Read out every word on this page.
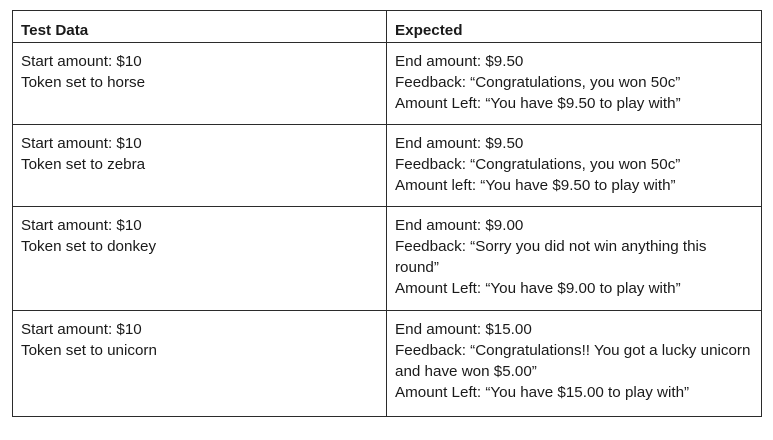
Test Data	Expected

Start amount: $10
Token set to horse	End amount: $9.50
Feedback: “Congratulations, you won 50c”
Amount Left: “You have $9.50 to play with”

Start amount: $10
Token set to zebra	End amount: $9.50
Feedback: “Congratulations, you won 50c”
Amount left: “You have $9.50 to play with”

Start amount: $10
Token set to donkey	End amount: $9.00
Feedback: “Sorry you did not win anything this round”
Amount Left: “You have $9.00 to play with”

Start amount: $10
Token set to unicorn	End amount: $15.00
Feedback: “Congratulations!! You got a lucky unicorn and have won $5.00”
Amount Left: “You have $15.00 to play with”
